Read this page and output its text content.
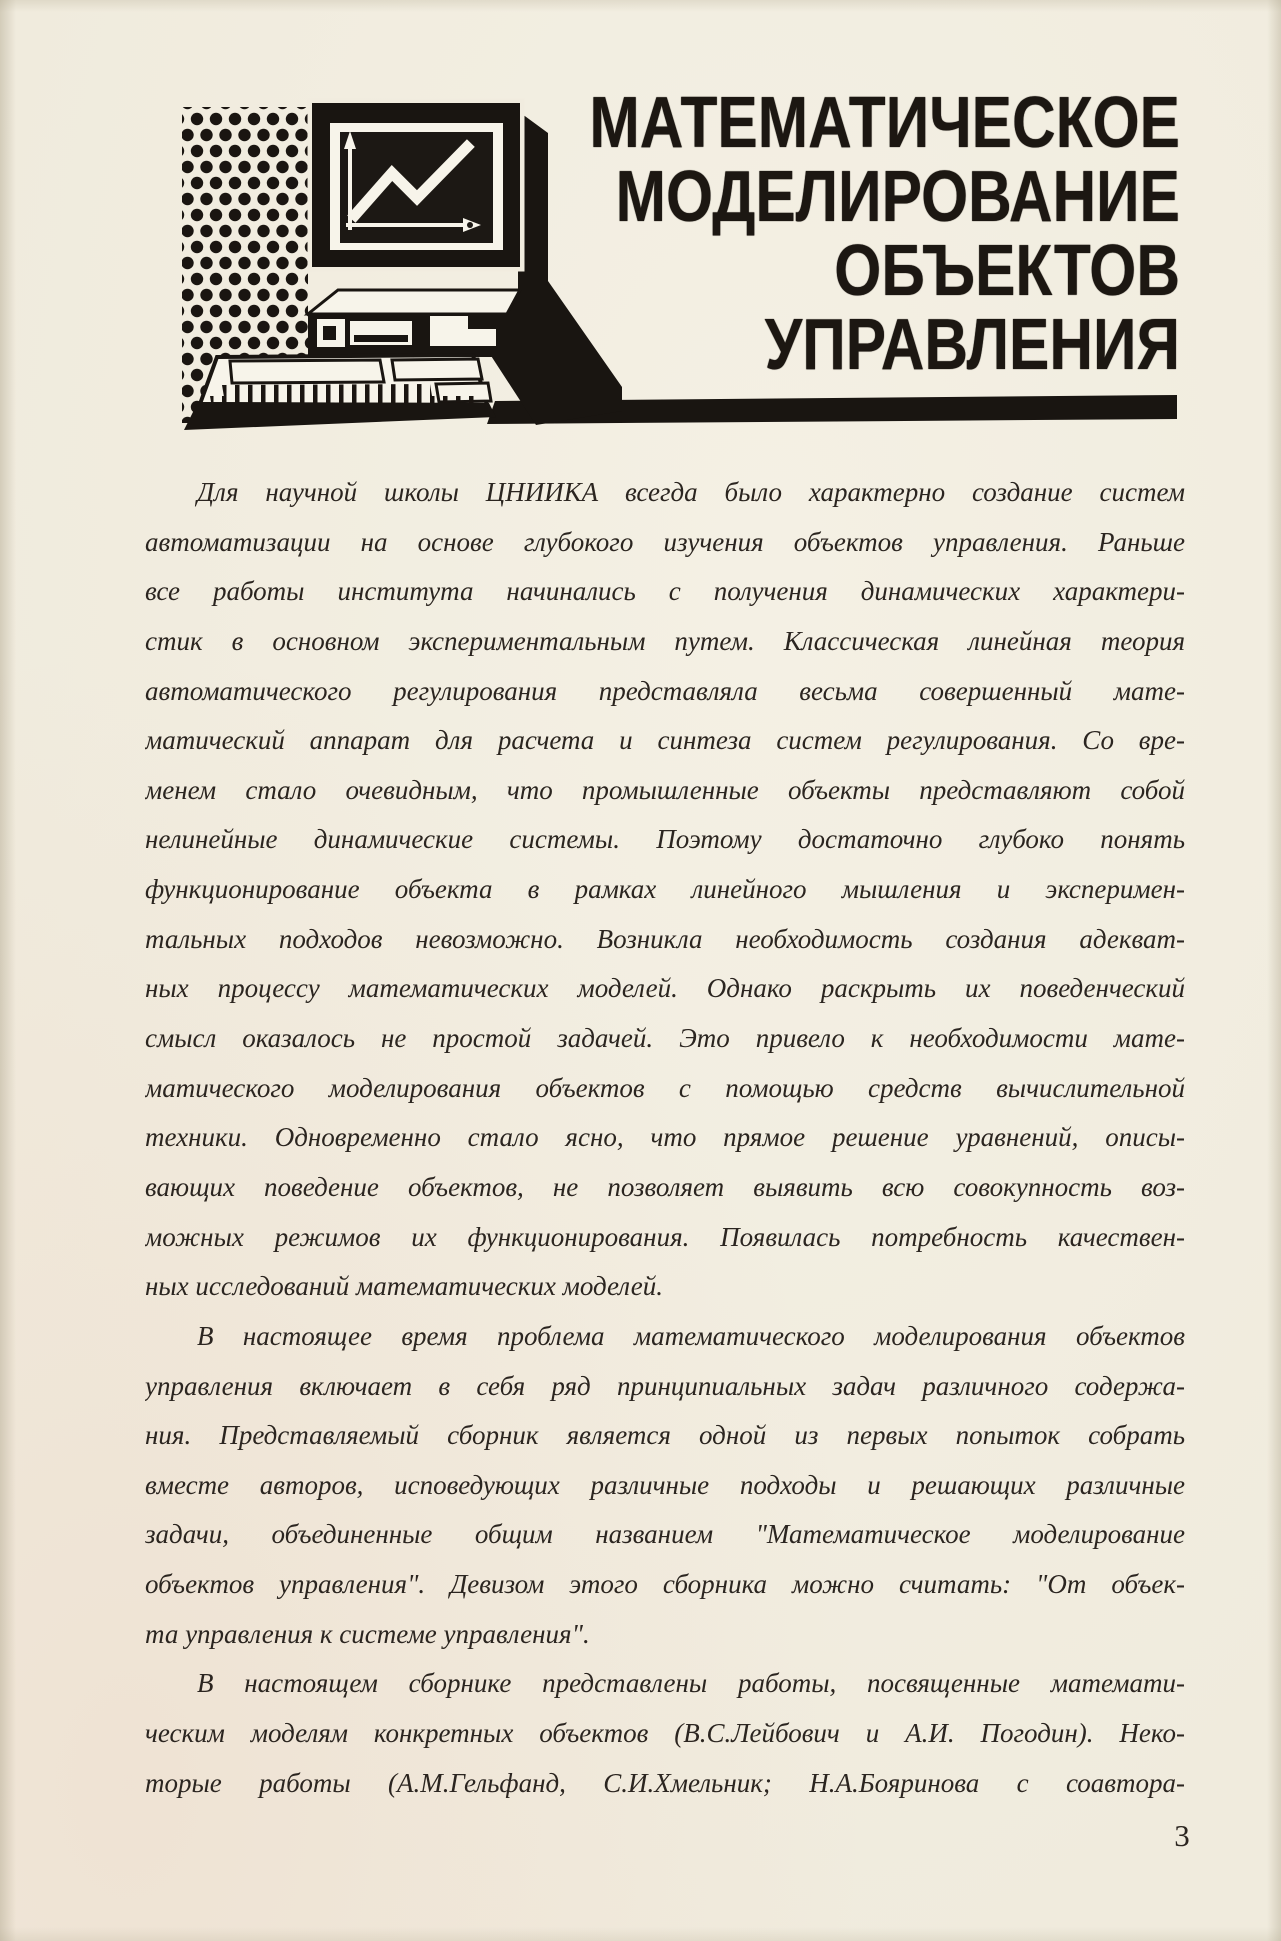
МАТЕМАТИЧЕСКОЕ
МОДЕЛИРОВАНИЕ
ОБЪЕКТОВ
УПРАВЛЕНИЯ
Для научной школы ЦНИИКА всегда было характерно создание систем
автоматизации на основе глубокого изучения объектов управления. Раньше
все работы института начинались с получения динамических характери-
стик в основном экспериментальным путем. Классическая линейная теория
автоматического регулирования представляла весьма совершенный мате-
матический аппарат для расчета и синтеза систем регулирования. Со вре-
менем стало очевидным, что промышленные объекты представляют собой
нелинейные динамические системы. Поэтому достаточно глубоко понять
функционирование объекта в рамках линейного мышления и эксперимен-
тальных подходов невозможно. Возникла необходимость создания адекват-
ных процессу математических моделей. Однако раскрыть их поведенческий
смысл оказалось не простой задачей. Это привело к необходимости мате-
матического моделирования объектов с помощью средств вычислительной
техники. Одновременно стало ясно, что прямое решение уравнений, описы-
вающих поведение объектов, не позволяет выявить всю совокупность воз-
можных режимов их функционирования. Появилась потребность качествен-
ных исследований математических моделей.
В настоящее время проблема математического моделирования объектов
управления включает в себя ряд принципиальных задач различного содержа-
ния. Представляемый сборник является одной из первых попыток собрать
вместе авторов, исповедующих различные подходы и решающих различные
задачи, объединенные общим названием "Математическое моделирование
объектов управления". Девизом этого сборника можно считать: "От объек-
та управления к системе управления".
В настоящем сборнике представлены работы, посвященные математи-
ческим моделям конкретных объектов (В.С.Лейбович и А.И. Погодин). Неко-
торые работы (А.М.Гельфанд, С.И.Хмельник; Н.А.Бояринова с соавтора-
3
